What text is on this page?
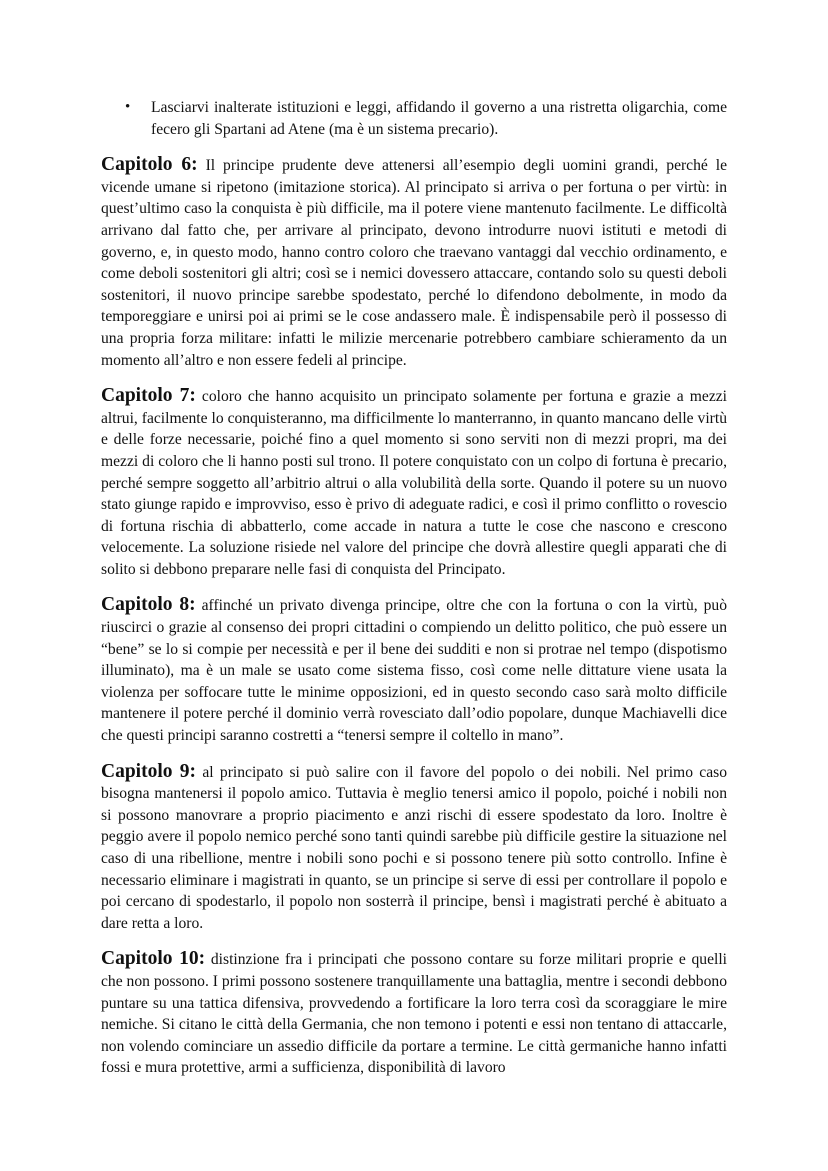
• Lasciarvi inalterate istituzioni e leggi, affidando il governo a una ristretta oligarchia, come fecero gli Spartani ad Atene (ma è un sistema precario).

Capitolo 6: Il principe prudente deve attenersi all’esempio degli uomini grandi, perché le vicende umane si ripetono (imitazione storica). Al principato si arriva o per fortuna o per virtù: in quest’ultimo caso la conquista è più difficile, ma il potere viene mantenuto facilmente. Le difficoltà arrivano dal fatto che, per arrivare al principato, devono introdurre nuovi istituti e metodi di governo, e, in questo modo, hanno contro coloro che traevano vantaggi dal vecchio ordinamento, e come deboli sostenitori gli altri; così se i nemici dovessero attaccare, contando solo su questi deboli sostenitori, il nuovo principe sarebbe spodestato, perché lo difendono debolmente, in modo da temporeggiare e unirsi poi ai primi se le cose andassero male. È indispensabile però il possesso di una propria forza militare: infatti le milizie mercenarie potrebbero cambiare schieramento da un momento all’altro e non essere fedeli al principe.

Capitolo 7: coloro che hanno acquisito un principato solamente per fortuna e grazie a mezzi altrui, facilmente lo conquisteranno, ma difficilmente lo manterranno, in quanto mancano delle virtù e delle forze necessarie, poiché fino a quel momento si sono serviti non di mezzi propri, ma dei mezzi di coloro che li hanno posti sul trono. Il potere conquistato con un colpo di fortuna è precario, perché sempre soggetto all’arbitrio altrui o alla volubilità della sorte. Quando il potere su un nuovo stato giunge rapido e improvviso, esso è privo di adeguate radici, e così il primo conflitto o rovescio di fortuna rischia di abbatterlo, come accade in natura a tutte le cose che nascono e crescono velocemente. La soluzione risiede nel valore del principe che dovrà allestire quegli apparati che di solito si debbono preparare nelle fasi di conquista del Principato.

Capitolo 8: affinché un privato divenga principe, oltre che con la fortuna o con la virtù, può riuscirci o grazie al consenso dei propri cittadini o compiendo un delitto politico, che può essere un “bene” se lo si compie per necessità e per il bene dei sudditi e non si protrae nel tempo (dispotismo illuminato), ma è un male se usato come sistema fisso, così come nelle dittature viene usata la violenza per soffocare tutte le minime opposizioni, ed in questo secondo caso sarà molto difficile mantenere il potere perché il dominio verrà rovesciato dall’odio popolare, dunque Machiavelli dice che questi principi saranno costretti a “tenersi sempre il coltello in mano”.

Capitolo 9: al principato si può salire con il favore del popolo o dei nobili. Nel primo caso bisogna mantenersi il popolo amico. Tuttavia è meglio tenersi amico il popolo, poiché i nobili non si possono manovrare a proprio piacimento e anzi rischi di essere spodestato da loro. Inoltre è peggio avere il popolo nemico perché sono tanti quindi sarebbe più difficile gestire la situazione nel caso di una ribellione, mentre i nobili sono pochi e si possono tenere più sotto controllo. Infine è necessario eliminare i magistrati in quanto, se un principe si serve di essi per controllare il popolo e poi cercano di spodestarlo, il popolo non sosterrà il principe, bensì i magistrati perché è abituato a dare retta a loro.

Capitolo 10: distinzione fra i principati che possono contare su forze militari proprie e quelli che non possono. I primi possono sostenere tranquillamente una battaglia, mentre i secondi debbono puntare su una tattica difensiva, provvedendo a fortificare la loro terra così da scoraggiare le mire nemiche. Si citano le città della Germania, che non temono i potenti e essi non tentano di attaccarle, non volendo cominciare un assedio difficile da portare a termine. Le città germaniche hanno infatti fossi e mura protettive, armi a sufficienza, disponibilità di lavoro
